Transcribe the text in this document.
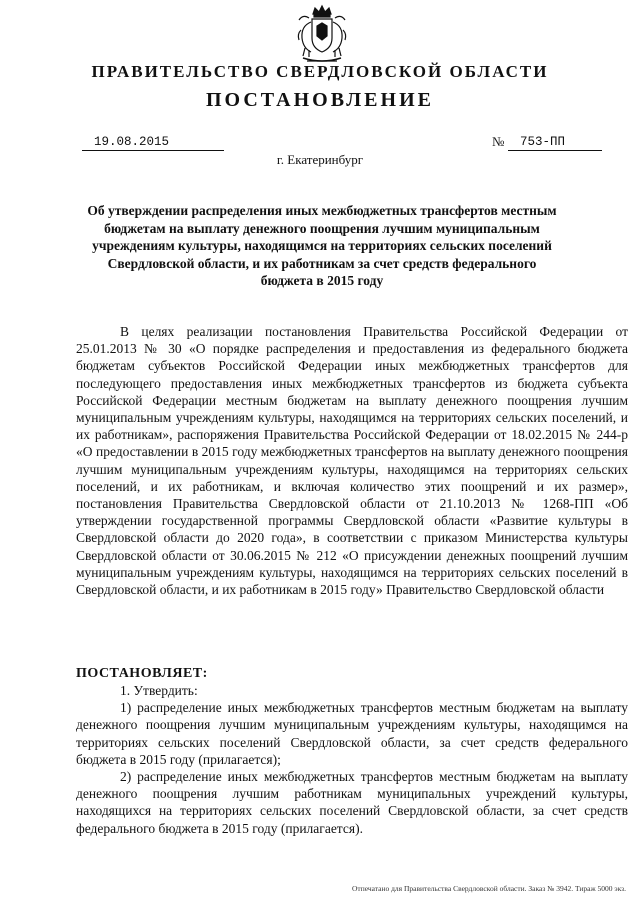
ПРАВИТЕЛЬСТВО СВЕРДЛОВСКОЙ ОБЛАСТИ
ПОСТАНОВЛЕНИЕ
19.08.2015	№	753-ПП
г. Екатеринбург
Об утверждении распределения иных межбюджетных трансфертов местным бюджетам на выплату денежного поощрения лучшим муниципальным учреждениям культуры, находящимся на территориях сельских поселений Свердловской области, и их работникам за счет средств федерального бюджета в 2015 году

В целях реализации постановления Правительства Российской Федерации от 25.01.2013 № 30 «О порядке распределения и предоставления из федерального бюджета бюджетам субъектов Российской Федерации иных межбюджетных трансфертов для последующего предоставления иных межбюджетных трансфертов из бюджета субъекта Российской Федерации местным бюджетам на выплату денежного поощрения лучшим муниципальным учреждениям культуры, находящимся на территориях сельских поселений, и их работникам», распоряжения Правительства Российской Федерации от 18.02.2015 № 244-р «О предоставлении в 2015 году межбюджетных трансфертов на выплату денежного поощрения лучшим муниципальным учреждениям культуры, находящимся на территориях сельских поселений, и их работникам, и включая количество этих поощрений и их размер», постановления Правительства Свердловской области от 21.10.2013 № 1268-ПП «Об утверждении государственной программы Свердловской области «Развитие культуры в Свердловской области до 2020 года», в соответствии с приказом Министерства культуры Свердловской области от 30.06.2015 № 212 «О присуждении денежных поощрений лучшим муниципальным учреждениям культуры, находящимся на территориях сельских поселений в Свердловской области, и их работникам в 2015 году» Правительство Свердловской области

ПОСТАНОВЛЯЕТ:

1. Утвердить:

1) распределение иных межбюджетных трансфертов местным бюджетам на выплату денежного поощрения лучшим муниципальным учреждениям культуры, находящимся на территориях сельских поселений Свердловской области, за счет средств федерального бюджета в 2015 году (прилагается);

2) распределение иных межбюджетных трансфертов местным бюджетам на выплату денежного поощрения лучшим работникам муниципальных учреждений культуры, находящихся на территориях сельских поселений Свердловской области, за счет средств федерального бюджета в 2015 году (прилагается).

Отпечатано для Правительства Свердловской области. Заказ № 3942. Тираж 5000 экз.
